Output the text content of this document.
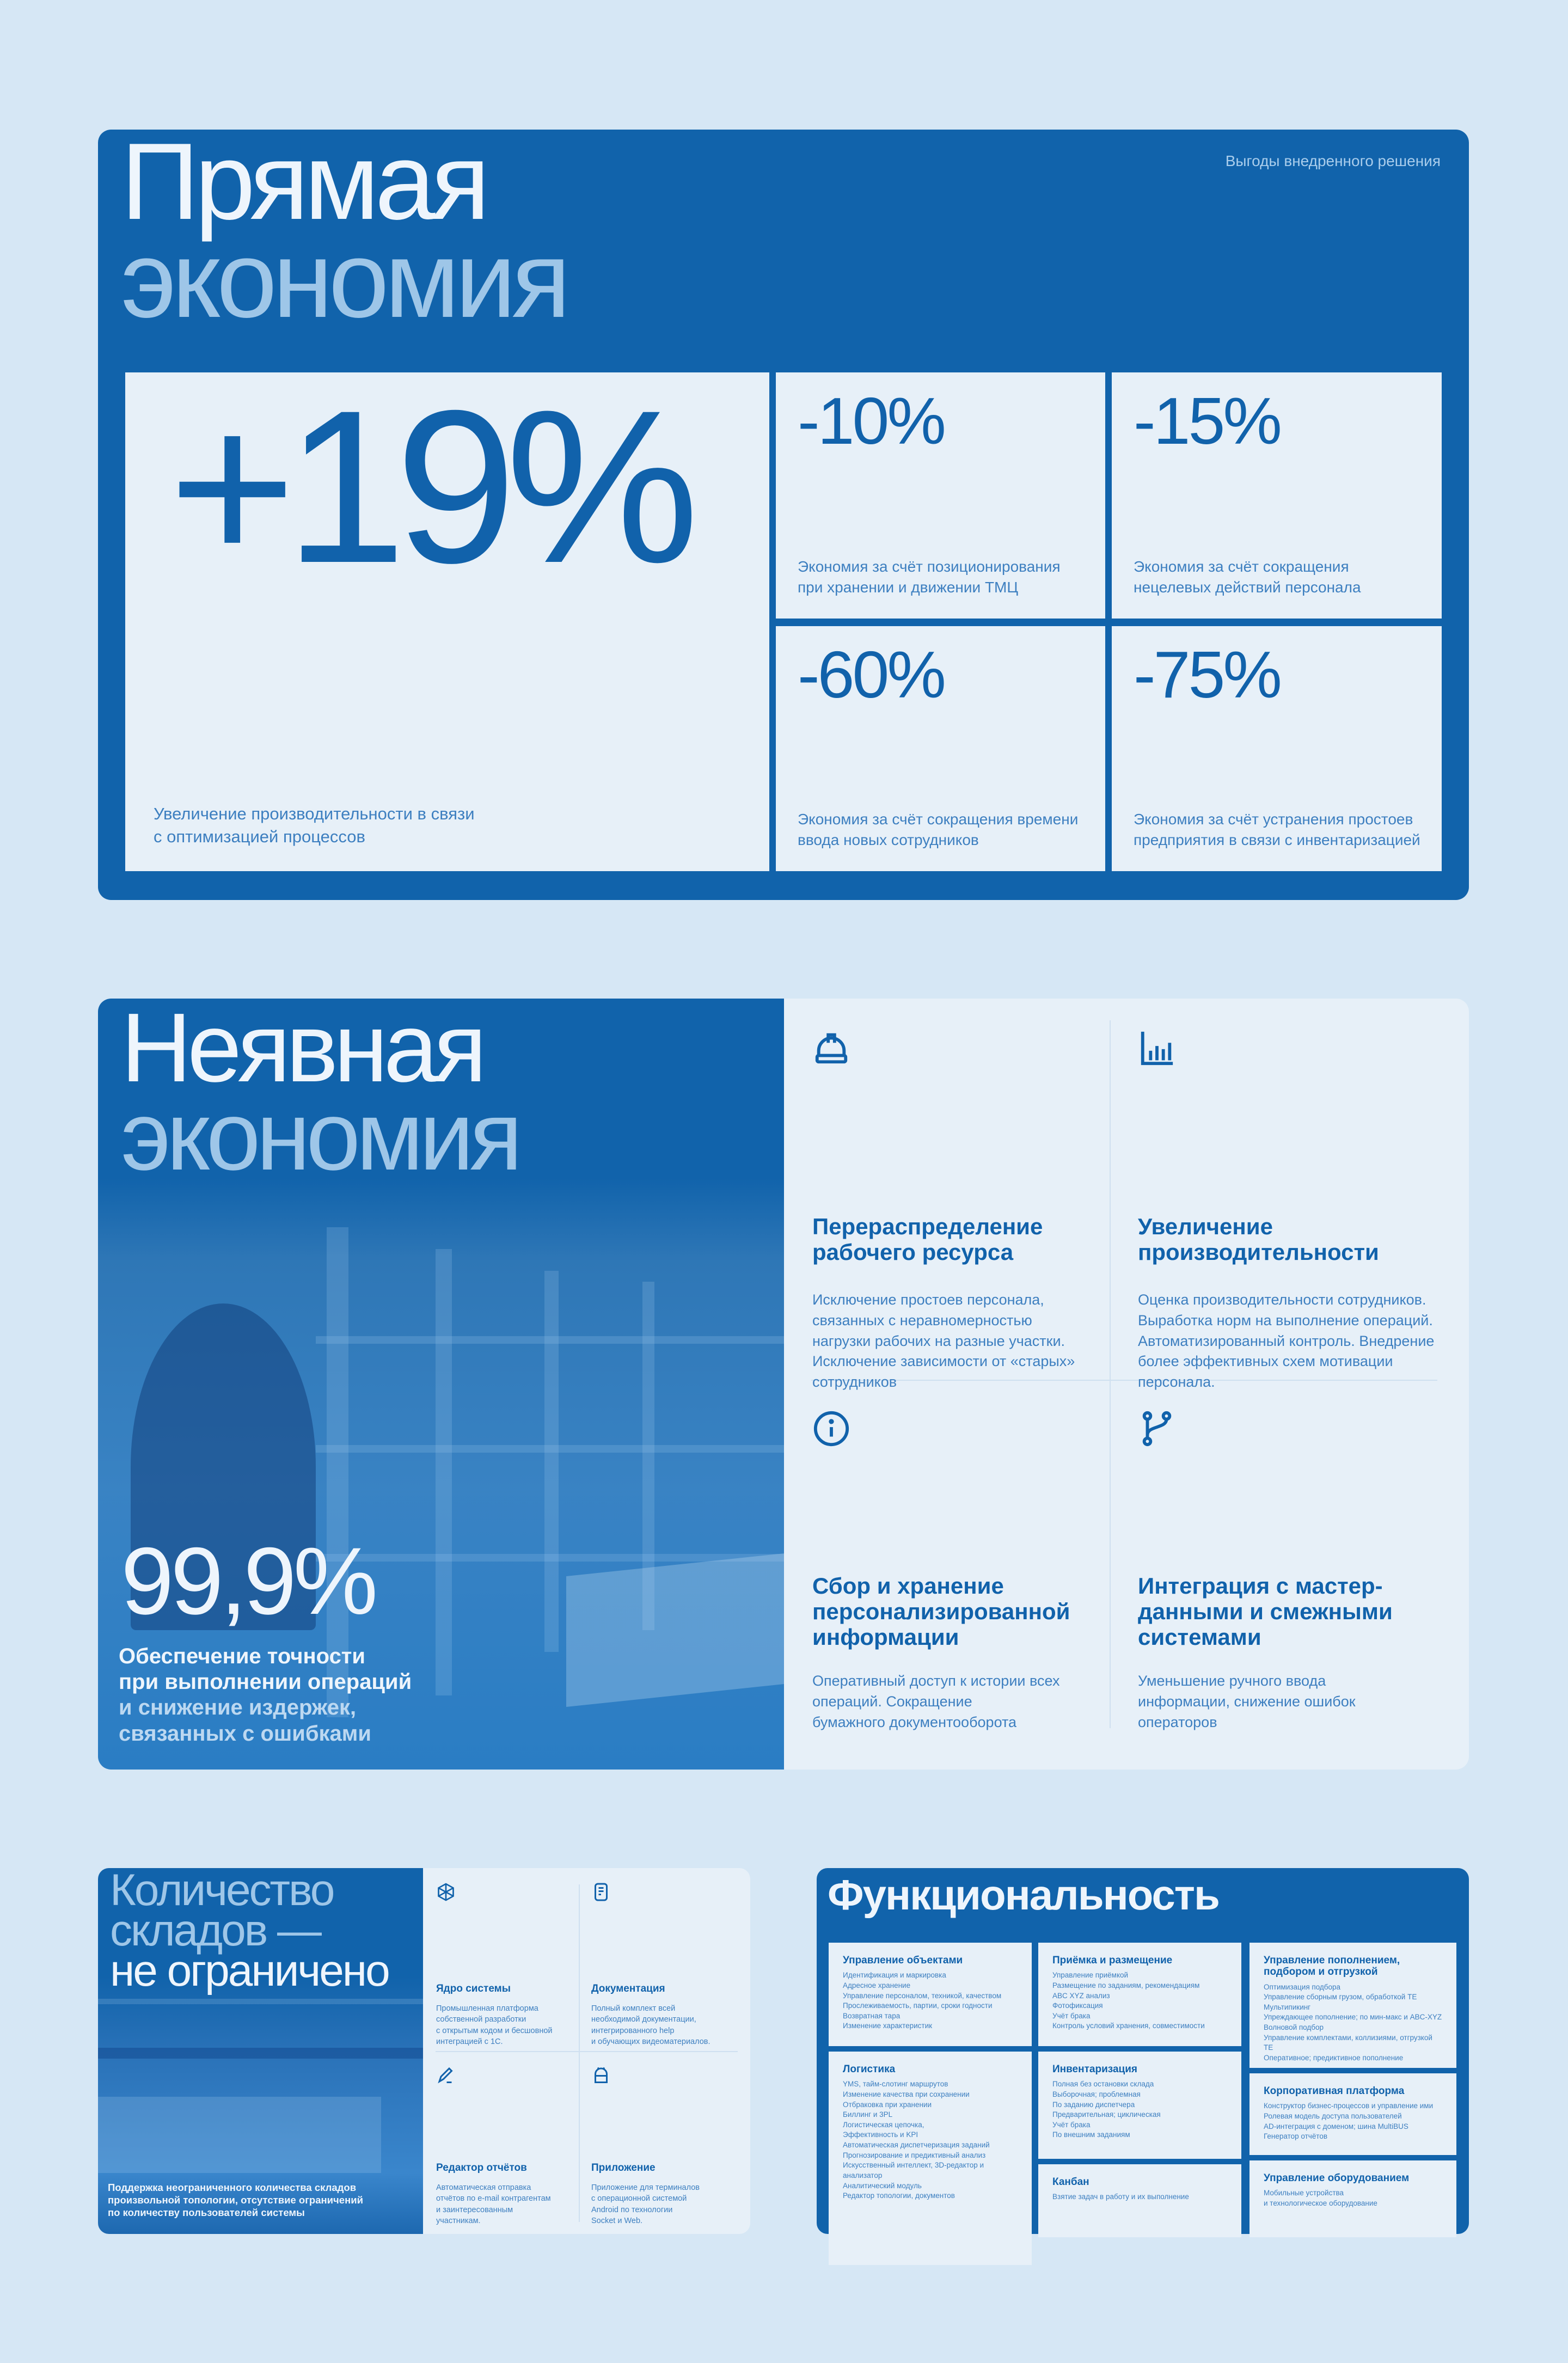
Прямая
экономия
Выгоды внедренного решения
+19%
Увеличение производительности в связи
с оптимизацией процессов
-10%
Экономия за счёт позиционирования
при хранении и движении ТМЦ
-15%
Экономия за счёт сокращения
нецелевых действий персонала
-60%
Экономия за счёт сокращения времени
ввода новых сотрудников
-75%
Экономия за счёт устранения простоев
предприятия в связи с инвентаризацией
Неявная
экономия
99,9%
Обеспечение точности
при выполнении операций
и снижение издержек,
связанных с ошибками
Перераспределение
рабочего ресурса

Исключение простоев персонала,
связанных с неравномерностью
нагрузки рабочих на разные участки.
Исключение зависимости от «старых»
сотрудников

Увеличение
производительности

Оценка производительности сотрудников.
Выработка норм на выполнение операций.
Автоматизированный контроль. Внедрение
более эффективных схем мотивации
персонала.

Сбор и хранение
персонализированной
информации

Оперативный доступ к истории всех
операций. Сокращение
бумажного документооборота

Интеграция с мастер-
данными и смежными
системами

Уменьшение ручного ввода
информации, снижение ошибок
операторов

Количество
складов —
не ограничено
Поддержка неограниченного количества складов
произвольной топологии, отсутствие ограничений
по количеству пользователей системы
Ядро системы

Промышленная платформа
собственной разработки
с открытым кодом и бесшовной
интеграцией с 1С.

Документация

Полный комплект всей
необходимой документации,
интегрированного help
и обучающих видеоматериалов.

Редактор отчётов

Автоматическая отправка
отчётов по e-mail контрагентам
и заинтересованным
участникам.

Приложение

Приложение для терминалов
с операционной системой
Android по технологии
Socket и Web.

Функциональность
Управление объектами
Идентификация и маркировка
Адресное хранение
Управление персоналом, техникой, качеством
Прослеживаемость, партии, сроки годности
Возвратная тара
Изменение характеристик
Приёмка и размещение
Управление приёмкой
Размещение по заданиям, рекомендациям
ABC XYZ анализ
Фотофиксация
Учёт брака
Контроль условий хранения, совместимости
Управление пополнением,
подбором и отгрузкой
Оптимизация подбора
Управление сборным грузом, обработкой ТЕ
Мультипикинг
Упреждающее пополнение; по мин-макс и ABC-XYZ
Волновой подбор
Управление комплектами, коллизиями, отгрузкой ТЕ
Оперативное; предиктивное пополнение
Логистика
YMS, тайм-слотинг маршрутов
Изменение качества при сохранении
Отбраковка при хранении
Биллинг и 3PL
Логистическая цепочка,
Эффективность и KPI
Автоматическая диспетчеризация заданий
Прогнозирование и предиктивный анализ
Искусственный интеллект, 3D-редактор и анализатор
Аналитический модуль
Редактор топологии, документов
Инвентаризация
Полная без остановки склада
Выборочная; проблемная
По заданию диспетчера
Предварительная; циклическая
Учёт брака
По внешним заданиям
Корпоративная платформа
Конструктор бизнес-процессов и управление ими
Ролевая модель доступа пользователей
AD-интеграция с доменом; шина MultiBUS
Генератор отчётов
Канбан
Взятие задач в работу и их выполнение
Управление оборудованием
Мобильные устройства
и технологическое оборудование
